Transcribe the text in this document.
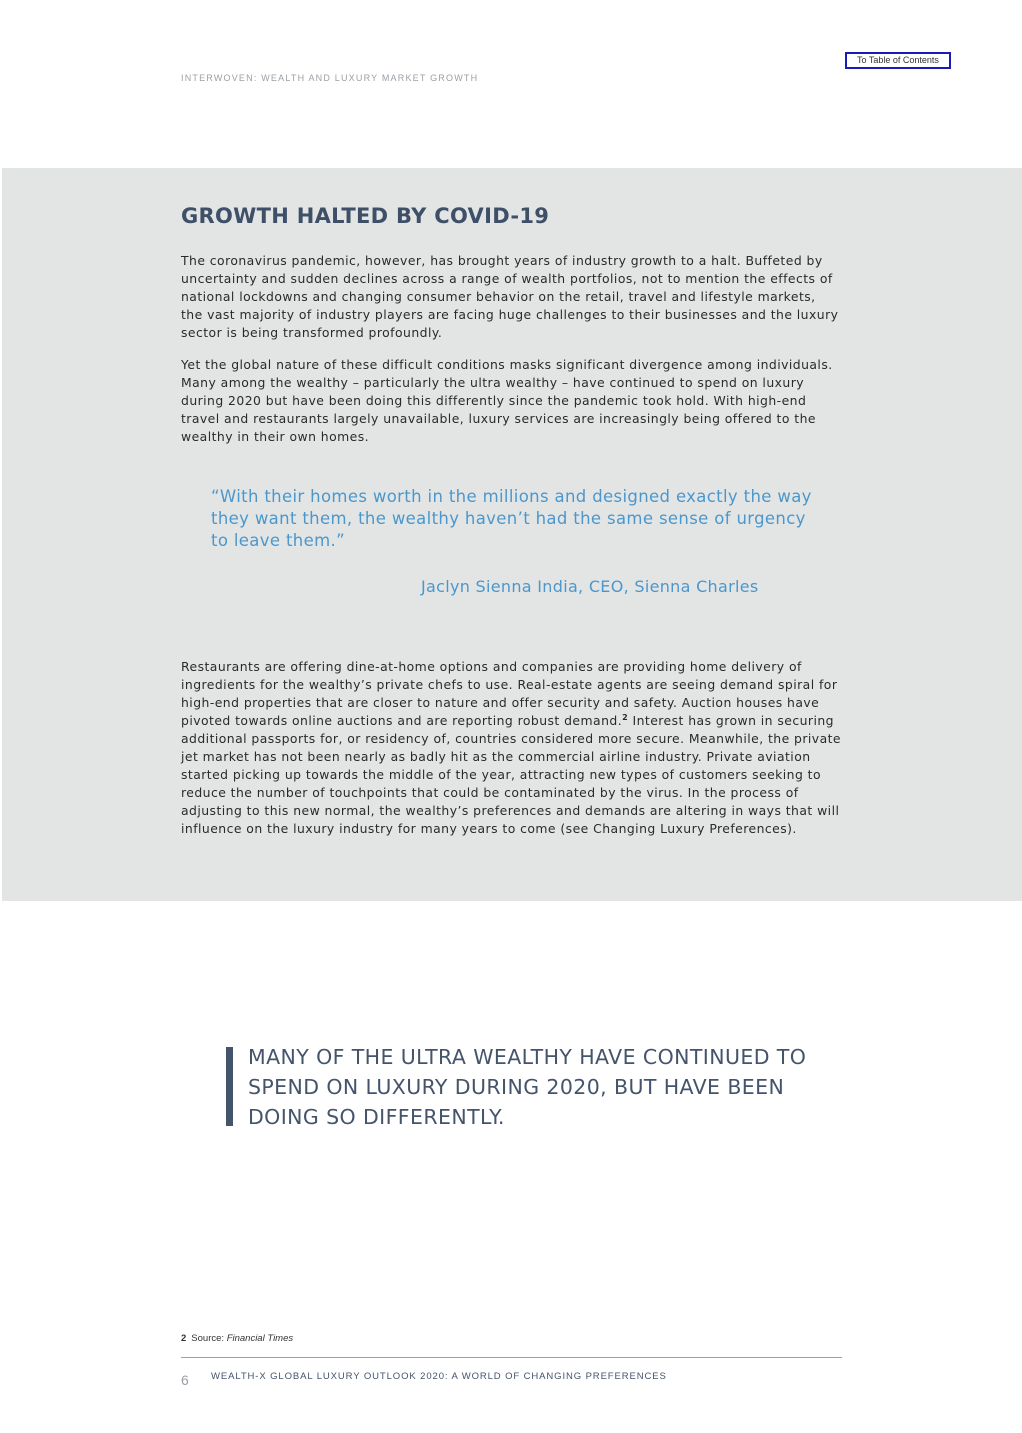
To Table of Contents
INTERWOVEN: WEALTH AND LUXURY MARKET GROWTH
GROWTH HALTED BY COVID-19

The coronavirus pandemic, however, has brought years of industry growth to a halt. Buffeted by uncertainty and sudden declines across a range of wealth portfolios, not to mention the effects of national lockdowns and changing consumer behavior on the retail, travel and lifestyle markets, the vast majority of industry players are facing huge challenges to their businesses and the luxury sector is being transformed profoundly.

Yet the global nature of these difficult conditions masks significant divergence among individuals. Many among the wealthy – particularly the ultra wealthy – have continued to spend on luxury during 2020 but have been doing this differently since the pandemic took hold. With high-end travel and restaurants largely unavailable, luxury services are increasingly being offered to the wealthy in their own homes.

“With their homes worth in the millions and designed exactly the way they want them, the wealthy haven’t had the same sense of urgency to leave them.”

Jaclyn Sienna India, CEO, Sienna Charles

Restaurants are offering dine-at-home options and companies are providing home delivery of ingredients for the wealthy’s private chefs to use. Real-estate agents are seeing demand spiral for high-end properties that are closer to nature and offer security and safety. Auction houses have pivoted towards online auctions and are reporting robust demand.$^2$ Interest has grown in securing additional passports for, or residency of, countries considered more secure. Meanwhile, the private jet market has not been nearly as badly hit as the commercial airline industry. Private aviation started picking up towards the middle of the year, attracting new types of customers seeking to reduce the number of touchpoints that could be contaminated by the virus. In the process of adjusting to this new normal, the wealthy’s preferences and demands are altering in ways that will influence on the luxury industry for many years to come (see Changing Luxury Preferences).

MANY OF THE ULTRA WEALTHY HAVE CONTINUED TO SPEND ON LUXURY DURING 2020, BUT HAVE BEEN DOING SO DIFFERENTLY.

2 Source: Financial Times
6 WEALTH-X GLOBAL LUXURY OUTLOOK 2020: A WORLD OF CHANGING PREFERENCES
